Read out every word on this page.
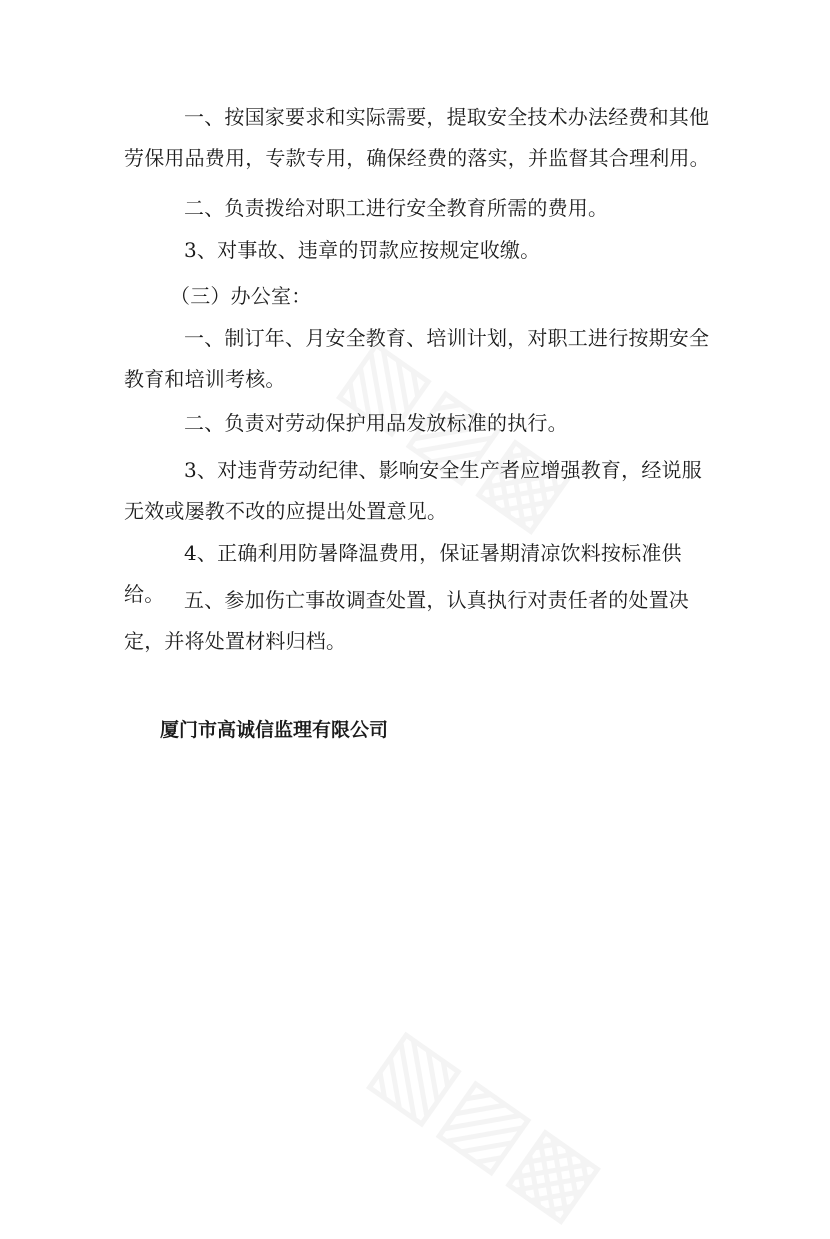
一、按国家要求和实际需要，提取安全技术办法经费和其他劳保用品费用，专款专用，确保经费的落实，并监督其合理利用。

二、负责拨给对职工进行安全教育所需的费用。

3、对事故、违章的罚款应按规定收缴。

（三）办公室：

一、制订年、月安全教育、培训计划，对职工进行按期安全教育和培训考核。

二、负责对劳动保护用品发放标准的执行。

3、对违背劳动纪律、影响安全生产者应增强教育，经说服无效或屡教不改的应提出处置意见。

4、正确利用防暑降温费用，保证暑期清凉饮料按标准供给。 五、参加伤亡事故调查处置，认真执行对责任者的处置决定，并将处置材料归档。

厦门市高诚信监理有限公司
